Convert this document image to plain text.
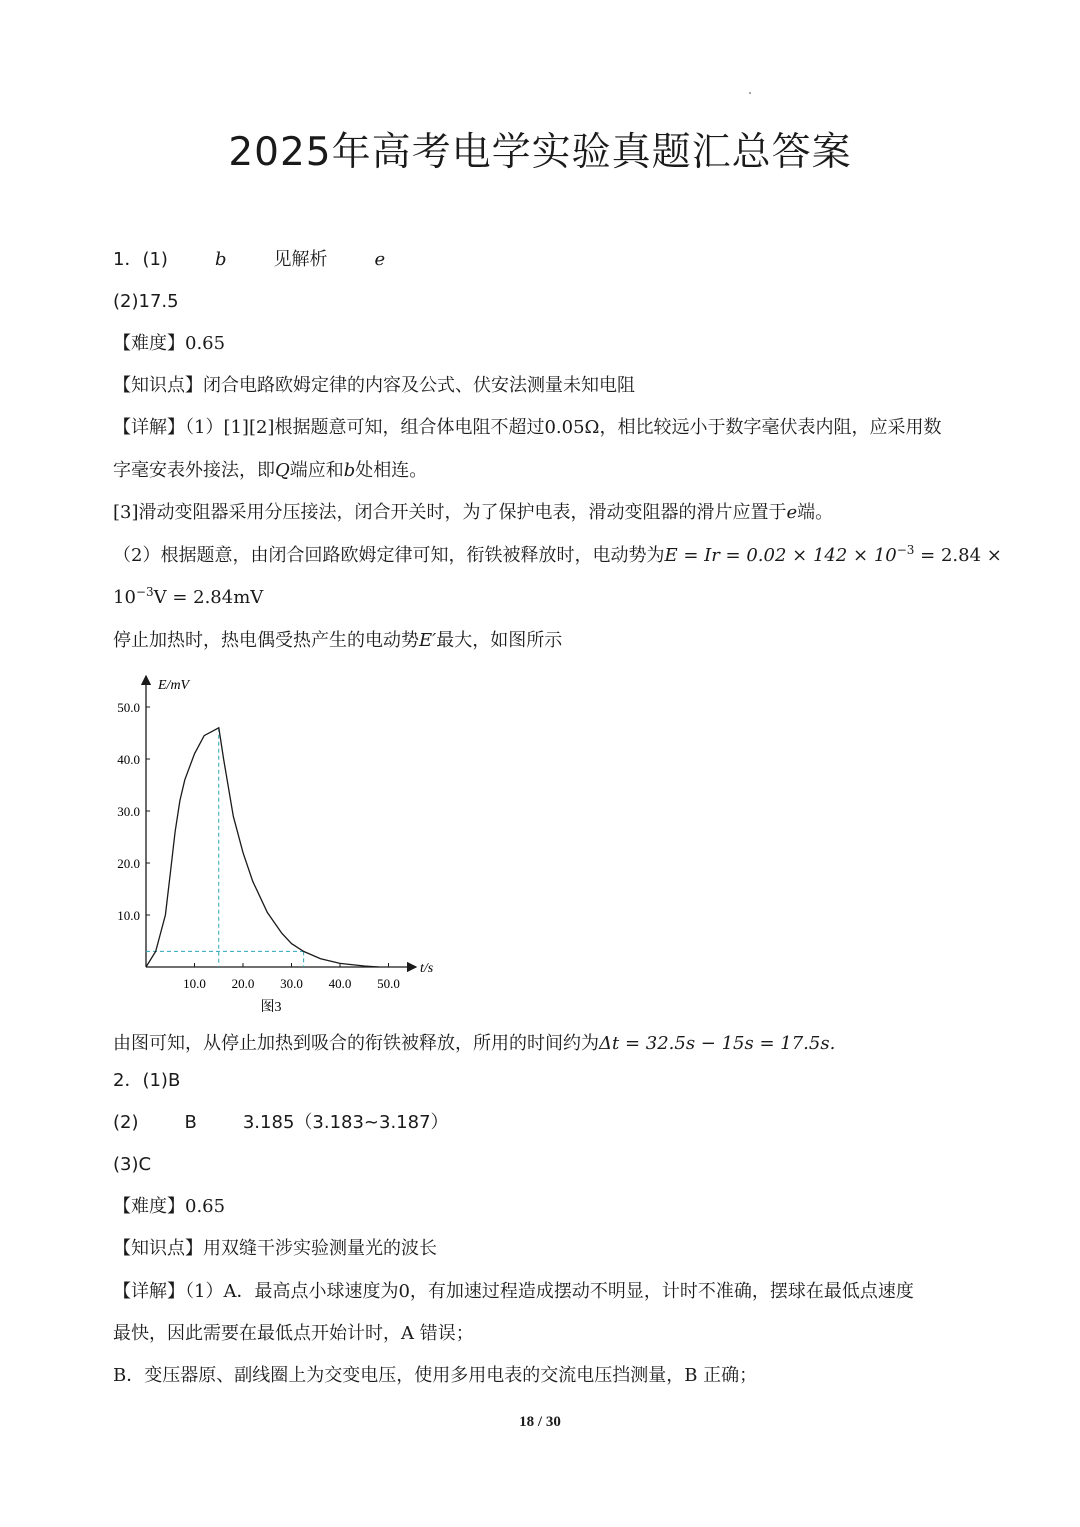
2025年高考电学实验真题汇总答案
1．(1)	b	见解析	e
(2)17.5
【难度】0.65
【知识点】闭合电路欧姆定律的内容及公式、伏安法测量未知电阻
【详解】（1）[1][2]根据题意可知，组合体电阻不超过0.05Ω，相比较远小于数字毫伏表内阻，应采用数
字毫安表外接法，即Q端应和b处相连。
[3]滑动变阻器采用分压接法，闭合开关时，为了保护电表，滑动变阻器的滑片应置于e端。
（2）根据题意，由闭合回路欧姆定律可知，衔铁被释放时，电动势为$E = Ir = 0.02 \times 142 \times 10^{-3} = 2.84$ ×
$10^{-3}V = 2.84mV$
停止加热时，热电偶受热产生的电动势E′最大，如图所示
10.0
20.0
30.0
40.0
50.0
10.0 20.0 30.0 40.0 50.0
E/mV
t/s
图3
由图可知，从停止加热到吸合的衔铁被释放，所用的时间约为Δt = 32.5s − 15s = 17.5s.
2．(1)B
(2)	B	3.185（3.183~3.187）
(3)C
【难度】0.65
【知识点】用双缝干涉实验测量光的波长
【详解】（1）A．最高点小球速度为0，有加速过程造成摆动不明显，计时不准确，摆球在最低点速度
最快，因此需要在最低点开始计时，A 错误；
B．变压器原、副线圈上为交变电压，使用多用电表的交流电压挡测量，B 正确；
18 / 30
